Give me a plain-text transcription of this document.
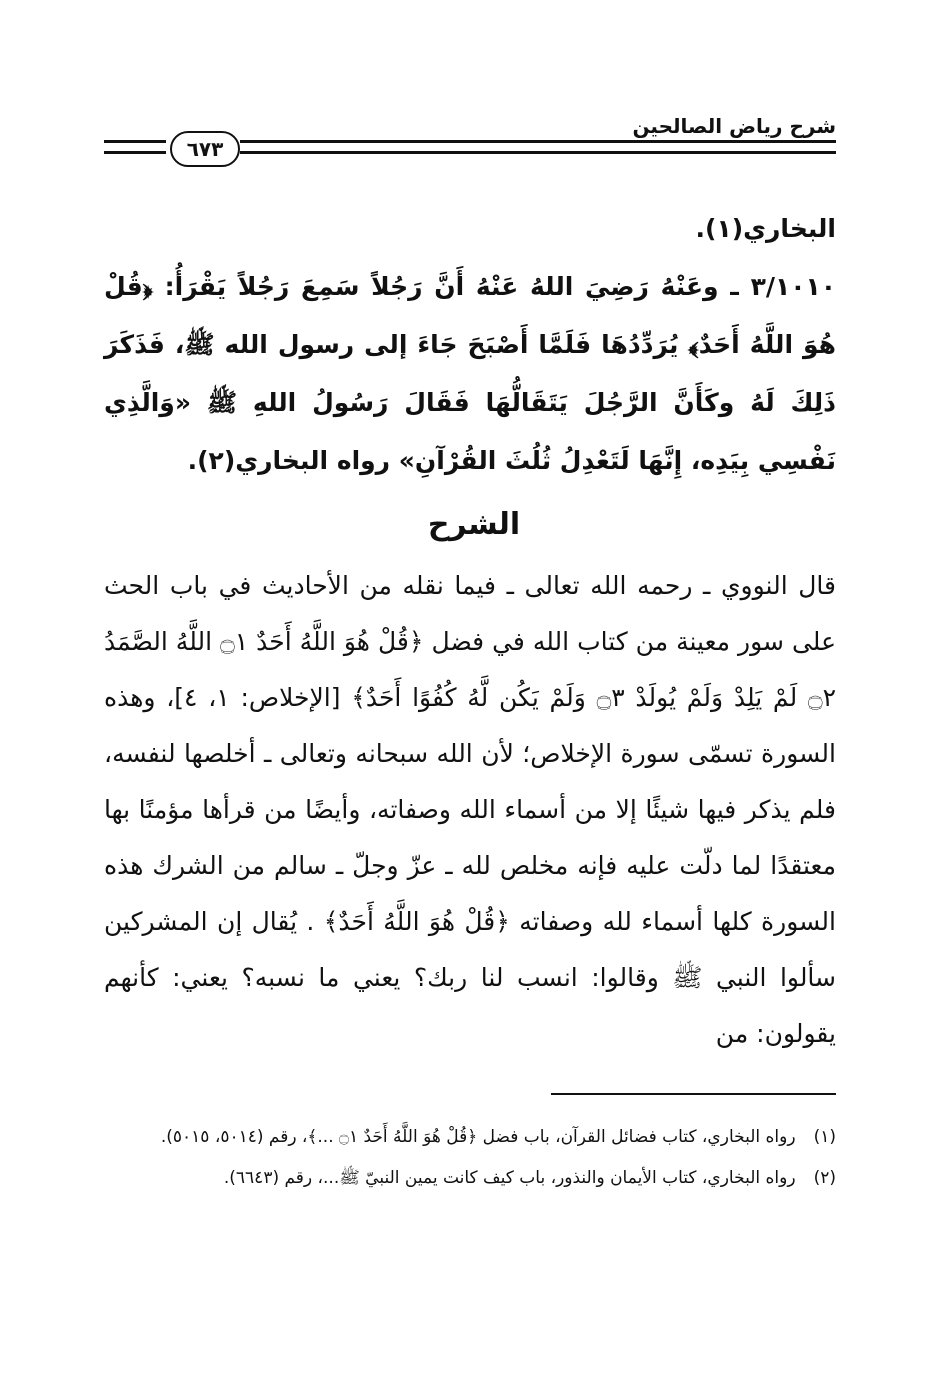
شرح رياض الصالحين
٦٧٣

البخاري(١).

٣/١٠١٠ ـ وعَنْهُ رَضِيَ اللهُ عَنْهُ أَنَّ رَجُلاً سَمِعَ رَجُلاً يَقْرَأُ: ﴿قُلْ هُوَ اللَّهُ أَحَدٌ﴾ يُرَدِّدُهَا فَلَمَّا أَصْبَحَ جَاءَ إلى رسول الله ﷺ، فَذَكَرَ ذَلِكَ لَهُ وكَأَنَّ الرَّجُلَ يَتَقَالُّهَا فَقَالَ رَسُولُ اللهِ ﷺ «وَالَّذِي نَفْسِي بِيَدِه، إِنَّهَا لَتَعْدِلُ ثُلُثَ القُرْآنِ» رواه البخاري(٢).

الشرح

قال النووي ـ رحمه الله تعالى ـ فيما نقله من الأحاديث في باب الحث على سور معينة من كتاب الله في فضل ﴿قُلْ هُوَ اللَّهُ أَحَدٌ ۝١ اللَّهُ الصَّمَدُ ۝٢ لَمْ يَلِدْ وَلَمْ يُولَدْ ۝٣ وَلَمْ يَكُن لَّهُ كُفُوًا أَحَدٌ﴾ [الإخلاص: ١، ٤]، وهذه السورة تسمّى سورة الإخلاص؛ لأن الله سبحانه وتعالى ـ أخلصها لنفسه، فلم يذكر فيها شيئًا إلا من أسماء الله وصفاته، وأيضًا من قرأها مؤمنًا بها معتقدًا لما دلّت عليه فإنه مخلص لله ـ عزّ وجلّ ـ سالم من الشرك هذه السورة كلها أسماء لله وصفاته ﴿قُلْ هُوَ اللَّهُ أَحَدٌ﴾ . يُقال إن المشركين سألوا النبي ﷺ وقالوا: انسب لنا ربك؟ يعني ما نسبه؟ يعني: كأنهم يقولون: من

(١)
رواه البخاري، كتاب فضائل القرآن، باب فضل ﴿قُلْ هُوَ اللَّهُ أَحَدٌ ۝١ ...﴾، رقم (٥٠١٤، ٥٠١٥).
(٢)
رواه البخاري، كتاب الأيمان والنذور، باب كيف كانت يمين النبيّ ﷺ...، رقم (٦٦٤٣).
